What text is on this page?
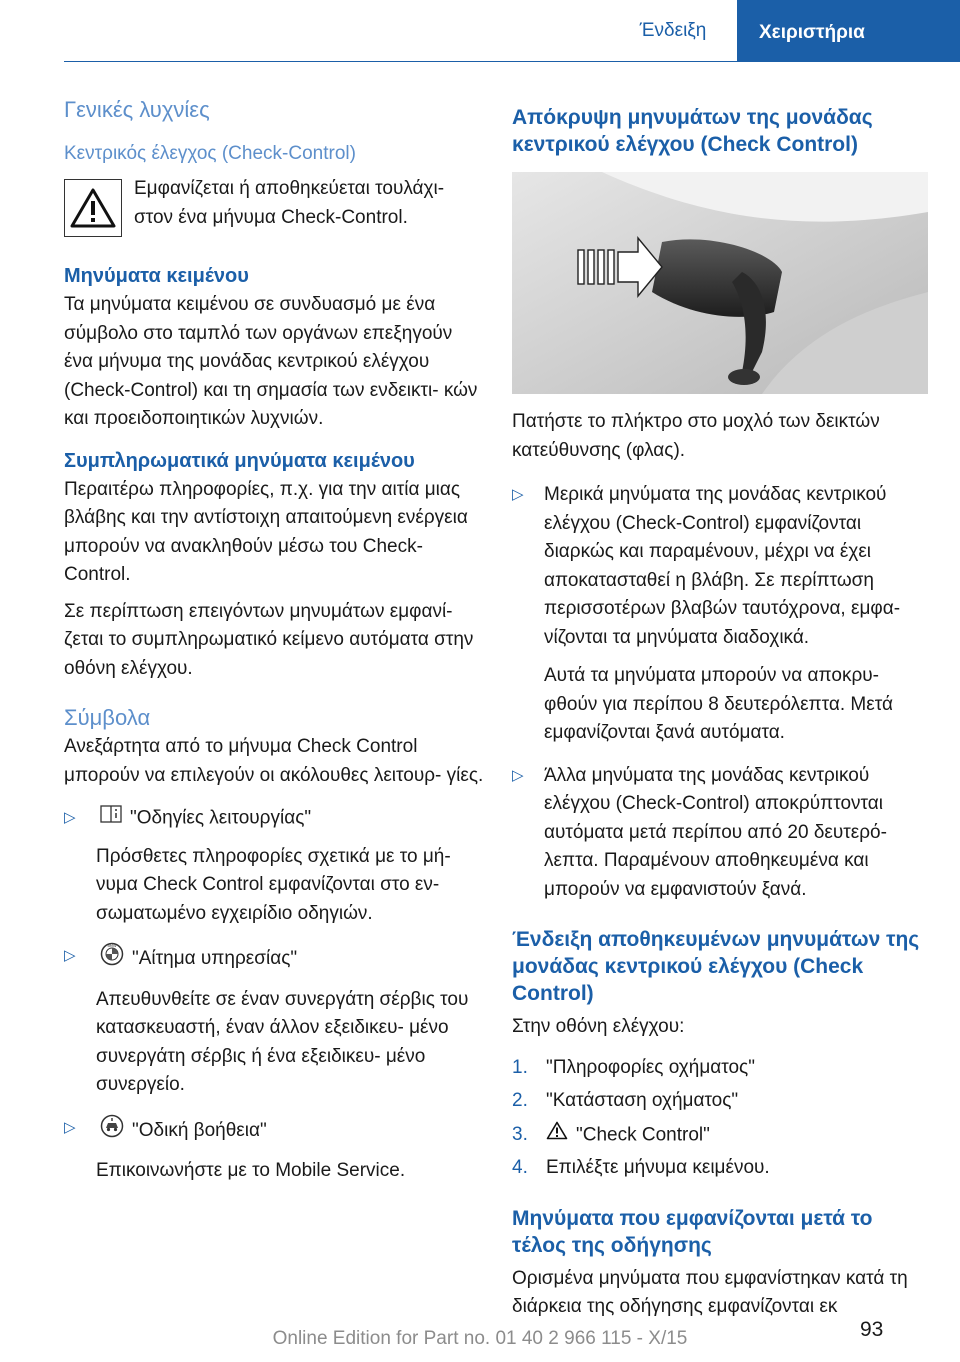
Ένδειξη	Χειριστήρια
Γενικές λυχνίες
Κεντρικός έλεγχος (Check-Control)

Εμφανίζεται ή αποθηκεύεται τουλάχι- στον ένα μήνυμα Check-Control.

Μηνύματα κειμένου

Τα μηνύματα κειμένου σε συνδυασμό με ένα σύμβολο στο ταμπλό των οργάνων επεξηγούν ένα μήνυμα της μονάδας κεντρικού ελέγχου (Check-Control) και τη σημασία των ενδεικτι- κών και προειδοποιητικών λυχνιών.

Συμπληρωματικά μηνύματα κειμένου

Περαιτέρω πληροφορίες, π.χ. για την αιτία μιας βλάβης και την αντίστοιχη απαιτούμενη ενέργεια μπορούν να ανακληθούν μέσω του Check-Control.

Σε περίπτωση επειγόντων μηνυμάτων εμφανί- ζεται το συμπληρωματικό κείμενο αυτόματα στην οθόνη ελέγχου.

Σύμβολα

Ανεξάρτητα από το μήνυμα Check Control μπορούν να επιλεγούν οι ακόλουθες λειτουρ- γίες.

▷	"Οδηγίες λειτουργίας"

Πρόσθετες πληροφορίες σχετικά με το μή- νυμα Check Control εμφανίζονται στο εν- σωματωμένο εγχειρίδιο οδηγιών.

▷

BMW
"Αίτημα υπηρεσίας"

Απευθυνθείτε σε έναν συνεργάτη σέρβις του κατασκευαστή, έναν άλλον εξειδικευ- μένο συνεργάτη σέρβις ή ένα εξειδικευ- μένο συνεργείο.

▷	"Οδική βοήθεια"

Επικοινωνήστε με το Mobile Service.

Απόκρυψη μηνυμάτων της μονάδας κεντρικού ελέγχου (Check Control)

Πατήστε το πλήκτρο στο μοχλό των δεικτών κατεύθυνσης (φλας).

▷	Μερικά μηνύματα της μονάδας κεντρικού ελέγχου (Check-Control) εμφανίζονται διαρκώς και παραμένουν, μέχρι να έχει αποκατασταθεί η βλάβη. Σε περίπτωση περισσοτέρων βλαβών ταυτόχρονα, εμφα- νίζονται τα μηνύματα διαδοχικά.

Αυτά τα μηνύματα μπορούν να αποκρυ- φθούν για περίπου 8 δευτερόλεπτα. Μετά εμφανίζονται ξανά αυτόματα.

▷	Άλλα μηνύματα της μονάδας κεντρικού ελέγχου (Check-Control) αποκρύπτονται αυτόματα μετά περίπου από 20 δευτερό- λεπτα. Παραμένουν αποθηκευμένα και μπορούν να εμφανιστούν ξανά.

Ένδειξη αποθηκευμένων μηνυμάτων της μονάδας κεντρικού ελέγχου (Check Control)

Στην οθόνη ελέγχου:

1. "Πληροφορίες οχήματος"

2. "Κατάσταση οχήματος"

3.	"Check Control"

4. Επιλέξτε μήνυμα κειμένου.

Μηνύματα που εμφανίζονται μετά το τέλος της οδήγησης

Ορισμένα μηνύματα που εμφανίστηκαν κατά τη διάρκεια της οδήγησης εμφανίζονται εκ

Online Edition for Part no. 01 40 2 966 115 - X/15	93
